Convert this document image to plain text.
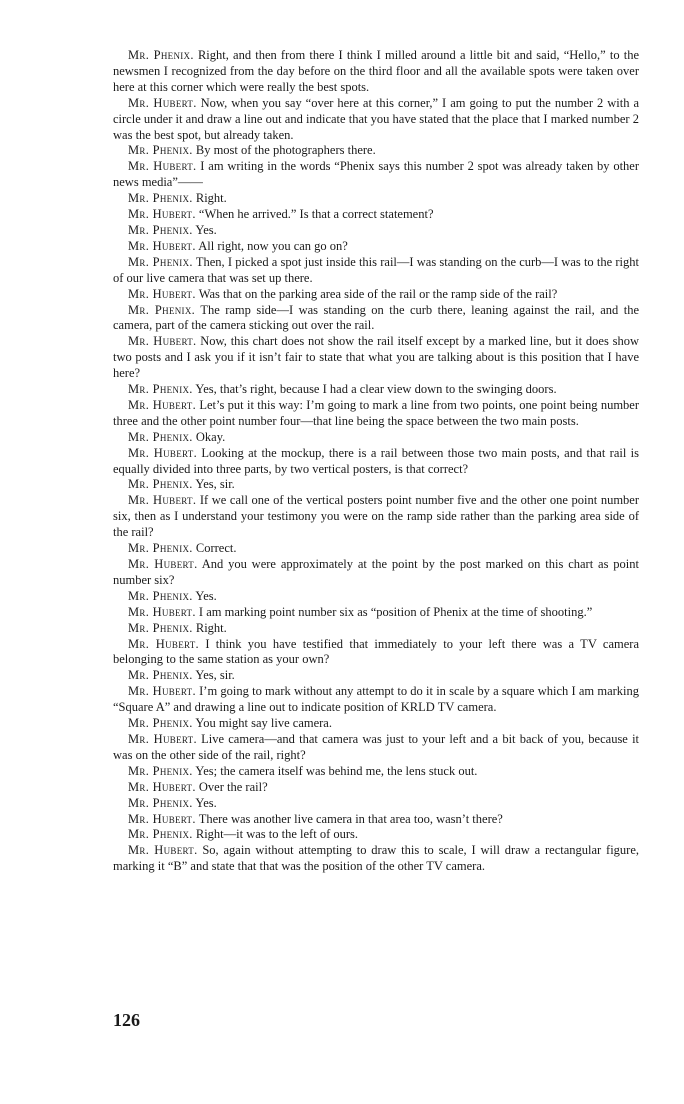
Mr. Phenix. Right, and then from there I think I milled around a little bit and said, “Hello,” to the newsmen I recognized from the day before on the third floor and all the available spots were taken over here at this corner which were really the best spots.

Mr. Hubert. Now, when you say “over here at this corner,” I am going to put the number 2 with a circle under it and draw a line out and indicate that you have stated that the place that I marked number 2 was the best spot, but already taken.

Mr. Phenix. By most of the photographers there.

Mr. Hubert. I am writing in the words “Phenix says this number 2 spot was already taken by other news media”——

Mr. Phenix. Right.

Mr. Hubert. “When he arrived.” Is that a correct statement?

Mr. Phenix. Yes.

Mr. Hubert. All right, now you can go on?

Mr. Phenix. Then, I picked a spot just inside this rail—I was standing on the curb—I was to the right of our live camera that was set up there.

Mr. Hubert. Was that on the parking area side of the rail or the ramp side of the rail?

Mr. Phenix. The ramp side—I was standing on the curb there, leaning against the rail, and the camera, part of the camera sticking out over the rail.

Mr. Hubert. Now, this chart does not show the rail itself except by a marked line, but it does show two posts and I ask you if it isn’t fair to state that what you are talking about is this position that I have here?

Mr. Phenix. Yes, that’s right, because I had a clear view down to the swinging doors.

Mr. Hubert. Let’s put it this way: I’m going to mark a line from two points, one point being number three and the other point number four—that line being the space between the two main posts.

Mr. Phenix. Okay.

Mr. Hubert. Looking at the mockup, there is a rail between those two main posts, and that rail is equally divided into three parts, by two vertical posters, is that correct?

Mr. Phenix. Yes, sir.

Mr. Hubert. If we call one of the vertical posters point number five and the other one point number six, then as I understand your testimony you were on the ramp side rather than the parking area side of the rail?

Mr. Phenix. Correct.

Mr. Hubert. And you were approximately at the point by the post marked on this chart as point number six?

Mr. Phenix. Yes.

Mr. Hubert. I am marking point number six as “position of Phenix at the time of shooting.”

Mr. Phenix. Right.

Mr. Hubert. I think you have testified that immediately to your left there was a TV camera belonging to the same station as your own?

Mr. Phenix. Yes, sir.

Mr. Hubert. I’m going to mark without any attempt to do it in scale by a square which I am marking “Square A” and drawing a line out to indicate position of KRLD TV camera.

Mr. Phenix. You might say live camera.

Mr. Hubert. Live camera—and that camera was just to your left and a bit back of you, because it was on the other side of the rail, right?

Mr. Phenix. Yes; the camera itself was behind me, the lens stuck out.

Mr. Hubert. Over the rail?

Mr. Phenix. Yes.

Mr. Hubert. There was another live camera in that area too, wasn’t there?

Mr. Phenix. Right—it was to the left of ours.

Mr. Hubert. So, again without attempting to draw this to scale, I will draw a rectangular figure, marking it “B” and state that that was the position of the other TV camera.

126
